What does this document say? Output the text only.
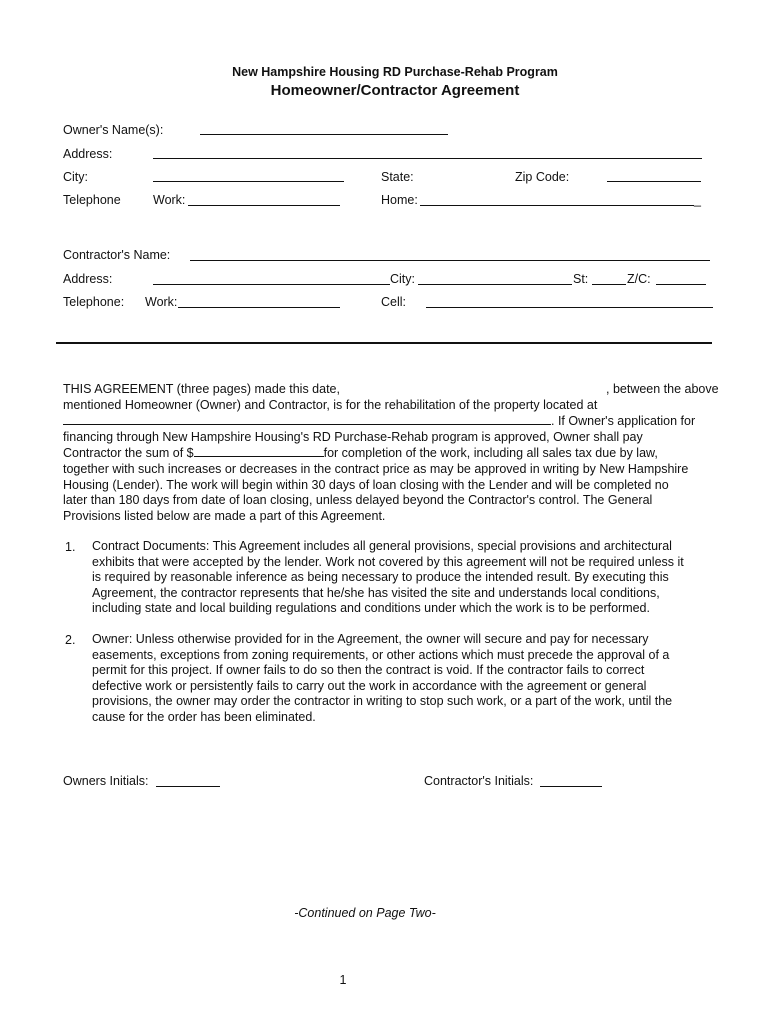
New Hampshire Housing RD Purchase-Rehab Program
Homeowner/Contractor Agreement
Owner's Name(s):
Address:
City:	State:	Zip Code:
Telephone	Work:	Home:	_
Contractor's Name:
Address:	City:	St:	Z/C:
Telephone: Work:	Cell:
THIS AGREEMENT (three pages) made this date,	, between the above
mentioned Homeowner (Owner) and Contractor, is for the rehabilitation of the property located at
. If Owner's application for
financing through New Hampshire Housing's RD Purchase-Rehab program is approved, Owner shall pay
Contractor the sum of $	for completion of the work, including all sales tax due by law,
together with such increases or decreases in the contract price as may be approved in writing by New Hampshire
Housing (Lender). The work will begin within 30 days of loan closing with the Lender and will be completed no
later than 180 days from date of loan closing, unless delayed beyond the Contractor's control. The General
Provisions listed below are made a part of this Agreement.
1. Contract Documents: This Agreement includes all general provisions, special provisions and architectural
exhibits that were accepted by the lender. Work not covered by this agreement will not be required unless it
is required by reasonable inference as being necessary to produce the intended result. By executing this
Agreement, the contractor represents that he/she has visited the site and understands local conditions,
including state and local building regulations and conditions under which the work is to be performed.
2. Owner: Unless otherwise provided for in the Agreement, the owner will secure and pay for necessary
easements, exceptions from zoning requirements, or other actions which must precede the approval of a
permit for this project. If owner fails to do so then the contract is void. If the contractor fails to correct
defective work or persistently fails to carry out the work in accordance with the agreement or general
provisions, the owner may order the contractor in writing to stop such work, or a part of the work, until the
cause for the order has been eliminated.
Owners Initials:	Contractor's Initials:
-Continued on Page Two-
1
